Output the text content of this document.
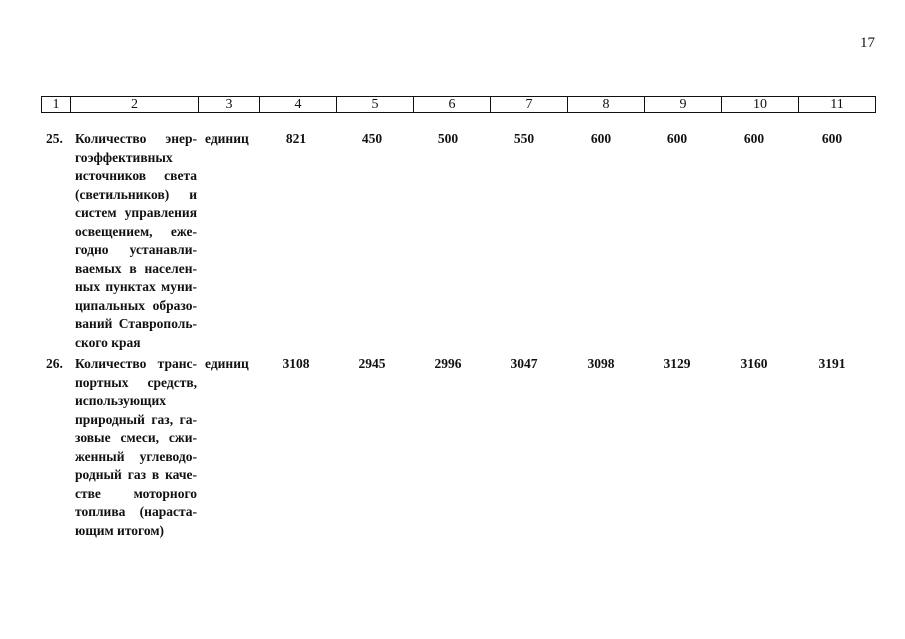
17
1	2	3	4	5	6	7	8	9	10	11
25. Количество энер-
гоэффективных
источников света
(светильников) и
систем управления
освещением, еже-
годно устанавли-
ваемых в населен-
ных пунктах муни-
ципальных образо-
ваний Ставрополь-
ского края
единиц	821	450	500	550	600	600	600	600
26. Количество транс-
портных средств,
использующих
природный газ, га-
зовые смеси, сжи-
женный углеводо-
родный газ в каче-
стве моторного
топлива (нараста-
ющим итогом)
единиц	3108	2945	2996	3047	3098	3129	3160	3191
